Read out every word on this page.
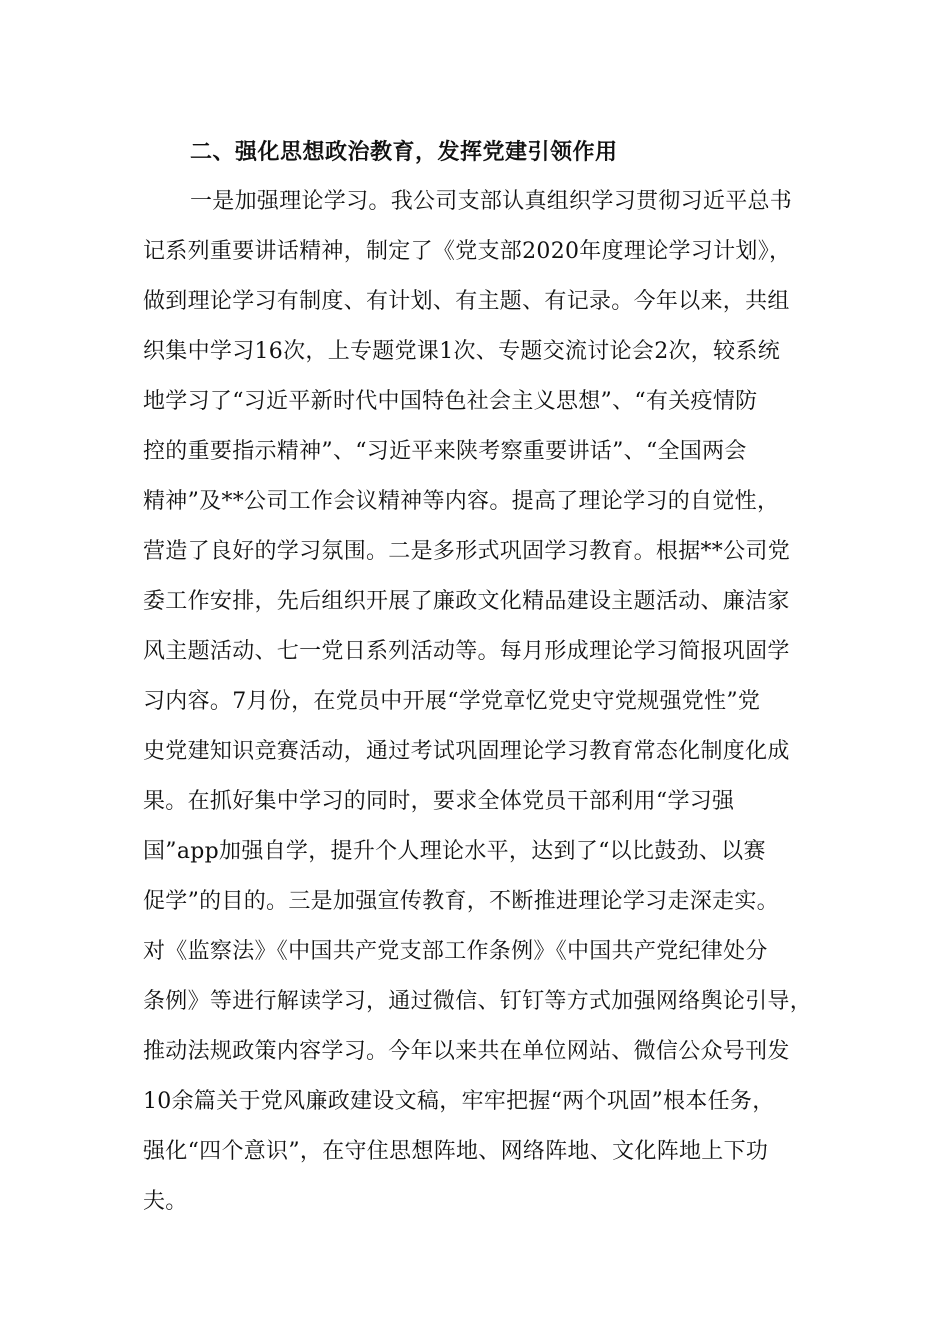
二、强化思想政治教育，发挥党建引领作用
一是加强理论学习。我公司支部认真组织学习贯彻习近平总书
记系列重要讲话精神，制定了《党支部2020年度理论学习计划》，
做到理论学习有制度、有计划、有主题、有记录。今年以来，共组
织集中学习16次，上专题党课1次、专题交流讨论会2次，较系统
地学习了“习近平新时代中国特色社会主义思想”、“有关疫情防
控的重要指示精神”、“习近平来陕考察重要讲话”、“全国两会
精神”及**公司工作会议精神等内容。提高了理论学习的自觉性，
营造了良好的学习氛围。二是多形式巩固学习教育。根据**公司党
委工作安排，先后组织开展了廉政文化精品建设主题活动、廉洁家
风主题活动、七一党日系列活动等。每月形成理论学习简报巩固学
习内容。7月份，在党员中开展“学党章忆党史守党规强党性”党
史党建知识竞赛活动，通过考试巩固理论学习教育常态化制度化成
果。在抓好集中学习的同时，要求全体党员干部利用“学习强
国”app加强自学，提升个人理论水平，达到了“以比鼓劲、以赛
促学”的目的。三是加强宣传教育，不断推进理论学习走深走实。
对《监察法》《中国共产党支部工作条例》《中国共产党纪律处分
条例》等进行解读学习，通过微信、钉钉等方式加强网络舆论引导，
推动法规政策内容学习。今年以来共在单位网站、微信公众号刊发
10余篇关于党风廉政建设文稿，牢牢把握“两个巩固”根本任务，
强化“四个意识”，在守住思想阵地、网络阵地、文化阵地上下功
夫。
